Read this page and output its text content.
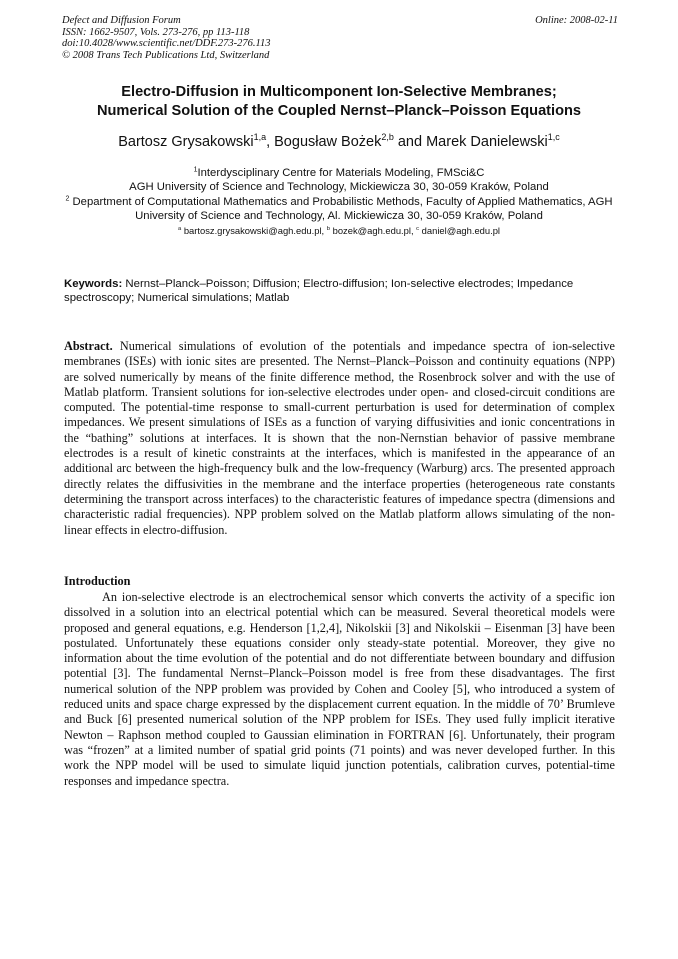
Defect and Diffusion Forum
ISSN: 1662-9507, Vols. 273-276, pp 113-118
doi:10.4028/www.scientific.net/DDF.273-276.113
© 2008 Trans Tech Publications Ltd, Switzerland
Online: 2008-02-11
Electro-Diffusion in Multicomponent Ion-Selective Membranes;
Numerical Solution of the Coupled Nernst–Planck–Poisson Equations
Bartosz Grysakowski$^{1,a}$, Bogusław Bożek$^{2,b}$ and Marek Danielewski$^{1,c}$
$^1$Interdysciplinary Centre for Materials Modeling, FMSci&C
AGH University of Science and Technology, Mickiewicza 30, 30-059 Kraków, Poland
$^2$ Department of Computational Mathematics and Probabilistic Methods, Faculty of Applied Mathematics, AGH University of Science and Technology, Al. Mickiewicza 30, 30-059 Kraków, Poland
$^a$ bartosz.grysakowski@agh.edu.pl, $^b$ bozek@agh.edu.pl, $^c$ daniel@agh.edu.pl
Keywords: Nernst–Planck–Poisson; Diffusion; Electro-diffusion; Ion-selective electrodes; Impedance spectroscopy; Numerical simulations; Matlab
Abstract. Numerical simulations of evolution of the potentials and impedance spectra of ion-selective membranes (ISEs) with ionic sites are presented. The Nernst–Planck–Poisson and continuity equations (NPP) are solved numerically by means of the finite difference method, the Rosenbrock solver and with the use of Matlab platform. Transient solutions for ion-selective electrodes under open- and closed-circuit conditions are computed. The potential-time response to small-current perturbation is used for determination of complex impedances. We present simulations of ISEs as a function of varying diffusivities and ionic concentrations in the “bathing” solutions at interfaces. It is shown that the non-Nernstian behavior of passive membrane electrodes is a result of kinetic constraints at the interfaces, which is manifested in the appearance of an additional arc between the high-frequency bulk and the low-frequency (Warburg) arcs. The presented approach directly relates the diffusivities in the membrane and the interface properties (heterogeneous rate constants determining the transport across interfaces) to the characteristic features of impedance spectra (dimensions and characteristic radial frequencies). NPP problem solved on the Matlab platform allows simulating of the non-linear effects in electro-diffusion.
Introduction
An ion-selective electrode is an electrochemical sensor which converts the activity of a specific ion dissolved in a solution into an electrical potential which can be measured. Several theoretical models were proposed and general equations, e.g. Henderson [1,2,4], Nikolskii [3] and Nikolskii – Eisenman [3] have been postulated. Unfortunately these equations consider only steady-state potential. Moreover, they give no information about the time evolution of the potential and do not differentiate between boundary and diffusion potential [3]. The fundamental Nernst–Planck–Poisson model is free from these disadvantages. The first numerical solution of the NPP problem was provided by Cohen and Cooley [5], who introduced a system of reduced units and space charge expressed by the displacement current equation. In the middle of 70’ Brumleve and Buck [6] presented numerical solution of the NPP problem for ISEs. They used fully implicit iterative Newton – Raphson method coupled to Gaussian elimination in FORTRAN [6]. Unfortunately, their program was “frozen” at a limited number of spatial grid points (71 points) and was never developed further. In this work the NPP model will be used to simulate liquid junction potentials, calibration curves, potential-time responses and impedance spectra.
